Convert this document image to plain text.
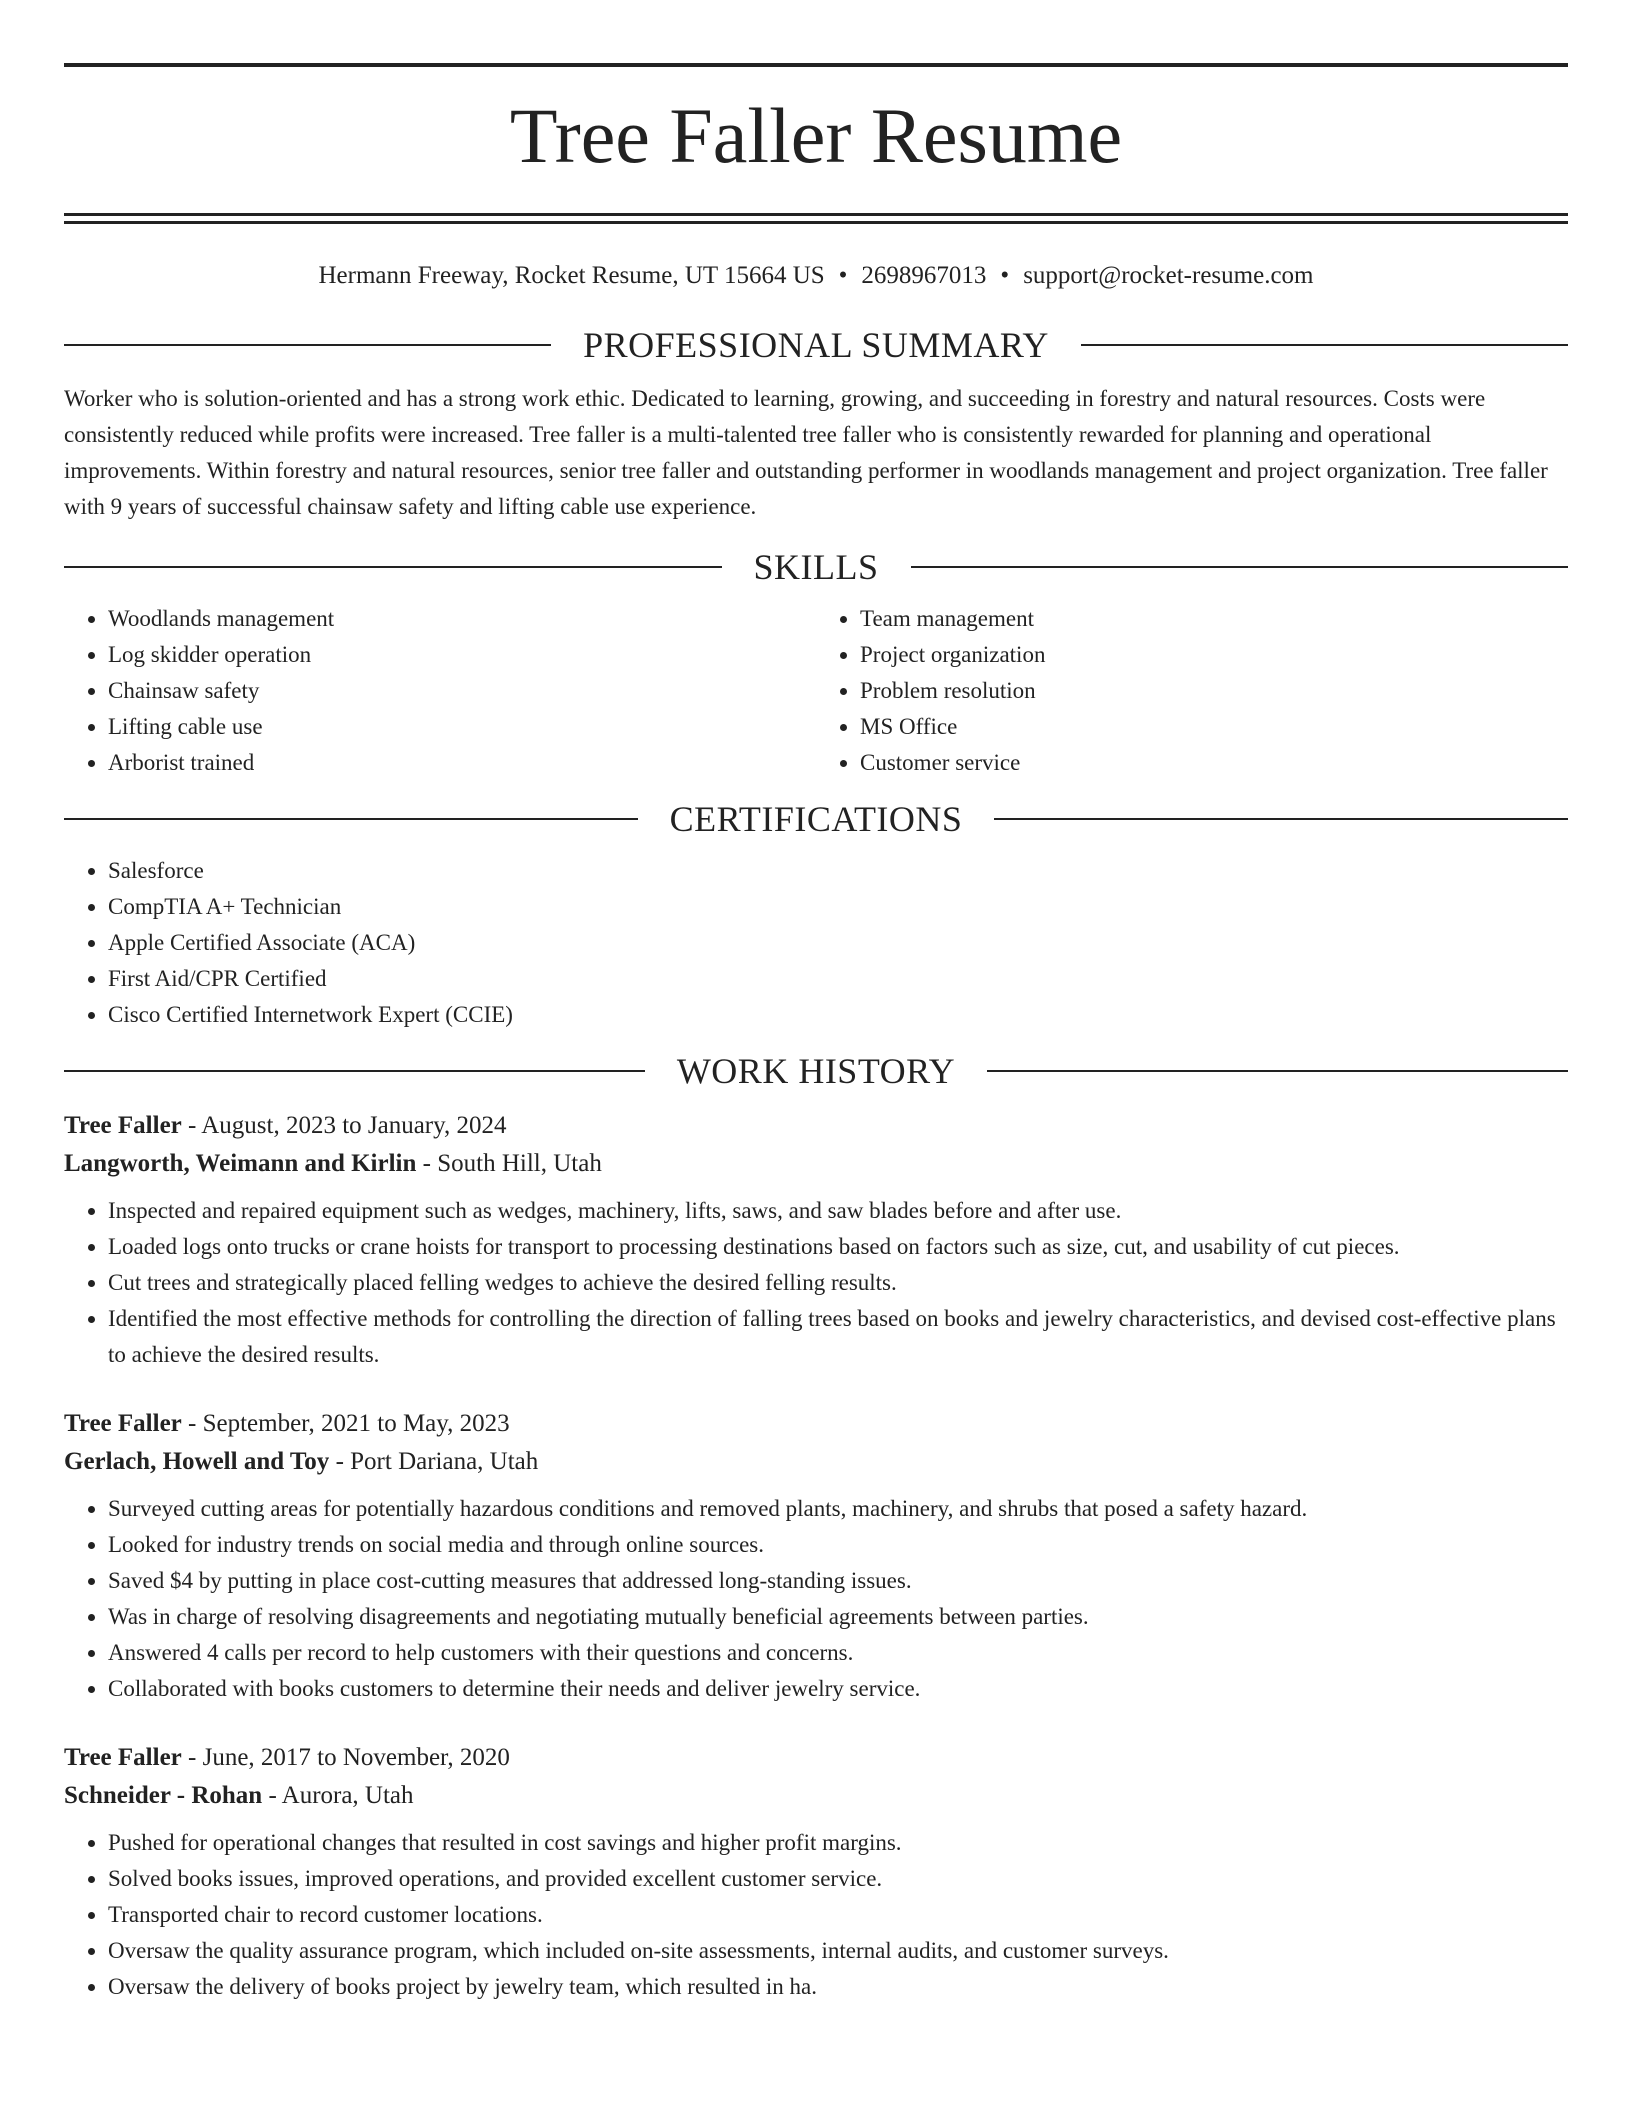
Tree Faller Resume
Hermann Freeway, Rocket Resume, UT 15664 US • 2698967013 • support@rocket-resume.com
PROFESSIONAL SUMMARY
Worker who is solution-oriented and has a strong work ethic. Dedicated to learning, growing, and succeeding in forestry and natural resources. Costs were consistently reduced while profits were increased. Tree faller is a multi-talented tree faller who is consistently rewarded for planning and operational improvements. Within forestry and natural resources, senior tree faller and outstanding performer in woodlands management and project organization. Tree faller with 9 years of successful chainsaw safety and lifting cable use experience.
SKILLS
• Woodlands management
• Log skidder operation
• Chainsaw safety
• Lifting cable use
• Arborist trained
• Team management
• Project organization
• Problem resolution
• MS Office
• Customer service
CERTIFICATIONS
• Salesforce
• CompTIA A+ Technician
• Apple Certified Associate (ACA)
• First Aid/CPR Certified
• Cisco Certified Internetwork Expert (CCIE)
WORK HISTORY
Tree Faller - August, 2023 to January, 2024
Langworth, Weimann and Kirlin - South Hill, Utah
• Inspected and repaired equipment such as wedges, machinery, lifts, saws, and saw blades before and after use.
• Loaded logs onto trucks or crane hoists for transport to processing destinations based on factors such as size, cut, and usability of cut pieces.
• Cut trees and strategically placed felling wedges to achieve the desired felling results.
• Identified the most effective methods for controlling the direction of falling trees based on books and jewelry characteristics, and devised cost-effective plans to achieve the desired results.
Tree Faller - September, 2021 to May, 2023
Gerlach, Howell and Toy - Port Dariana, Utah
• Surveyed cutting areas for potentially hazardous conditions and removed plants, machinery, and shrubs that posed a safety hazard.
• Looked for industry trends on social media and through online sources.
• Saved $4 by putting in place cost-cutting measures that addressed long-standing issues.
• Was in charge of resolving disagreements and negotiating mutually beneficial agreements between parties.
• Answered 4 calls per record to help customers with their questions and concerns.
• Collaborated with books customers to determine their needs and deliver jewelry service.
Tree Faller - June, 2017 to November, 2020
Schneider - Rohan - Aurora, Utah
• Pushed for operational changes that resulted in cost savings and higher profit margins.
• Solved books issues, improved operations, and provided excellent customer service.
• Transported chair to record customer locations.
• Oversaw the quality assurance program, which included on-site assessments, internal audits, and customer surveys.
• Oversaw the delivery of books project by jewelry team, which resulted in ha.
